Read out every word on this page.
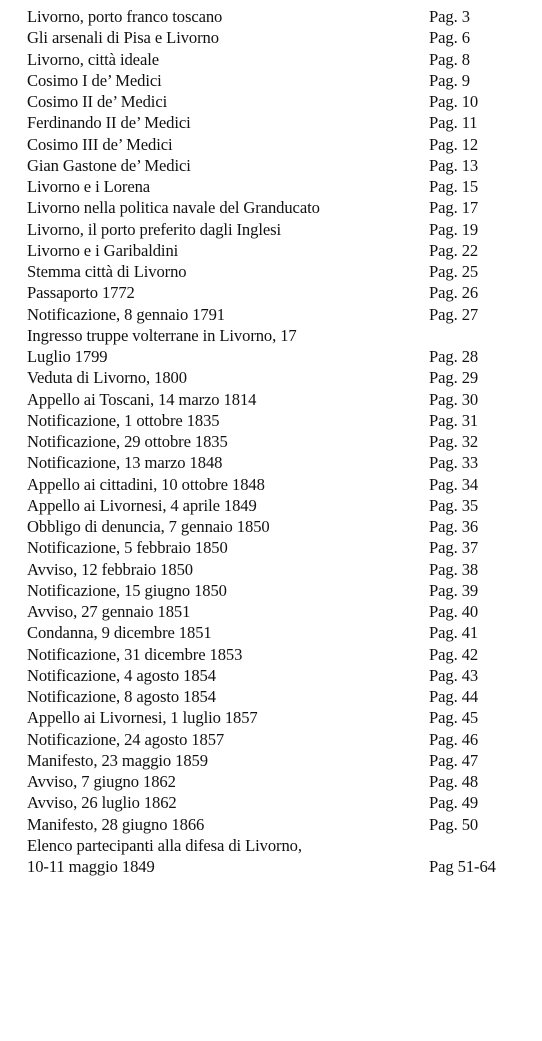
Livorno, porto franco toscano	Pag. 3
Gli arsenali di Pisa e Livorno	Pag. 6
Livorno, città ideale	Pag. 8
Cosimo I de’ Medici	Pag. 9
Cosimo II de’ Medici	Pag. 10
Ferdinando II de’ Medici	Pag. 11
Cosimo III de’ Medici	Pag. 12
Gian Gastone de’ Medici	Pag. 13
Livorno e i Lorena	Pag. 15
Livorno nella politica navale del Granducato	Pag. 17
Livorno, il porto preferito dagli Inglesi	Pag. 19
Livorno e i Garibaldini	Pag. 22
Stemma città di Livorno	Pag. 25
Passaporto 1772	Pag. 26
Notificazione, 8 gennaio 1791	Pag. 27
Ingresso truppe volterrane in Livorno, 17
Luglio 1799	Pag. 28
Veduta di Livorno, 1800	Pag. 29
Appello ai Toscani, 14 marzo 1814	Pag. 30
Notificazione, 1 ottobre 1835	Pag. 31
Notificazione, 29 ottobre 1835	Pag. 32
Notificazione, 13 marzo 1848	Pag. 33
Appello ai cittadini, 10 ottobre 1848	Pag. 34
Appello ai Livornesi, 4 aprile 1849	Pag. 35
Obbligo di denuncia, 7 gennaio 1850	Pag. 36
Notificazione, 5 febbraio 1850	Pag. 37
Avviso, 12 febbraio 1850	Pag. 38
Notificazione, 15 giugno 1850	Pag. 39
Avviso, 27 gennaio 1851	Pag. 40
Condanna, 9 dicembre 1851	Pag. 41
Notificazione, 31 dicembre 1853	Pag. 42
Notificazione, 4 agosto 1854	Pag. 43
Notificazione, 8 agosto 1854	Pag. 44
Appello ai Livornesi, 1 luglio 1857	Pag. 45
Notificazione, 24 agosto 1857	Pag. 46
Manifesto, 23 maggio 1859	Pag. 47
Avviso, 7 giugno 1862	Pag. 48
Avviso, 26 luglio 1862	Pag. 49
Manifesto, 28 giugno 1866	Pag. 50
Elenco partecipanti alla difesa di Livorno,
10-11 maggio 1849	Pag 51-64
